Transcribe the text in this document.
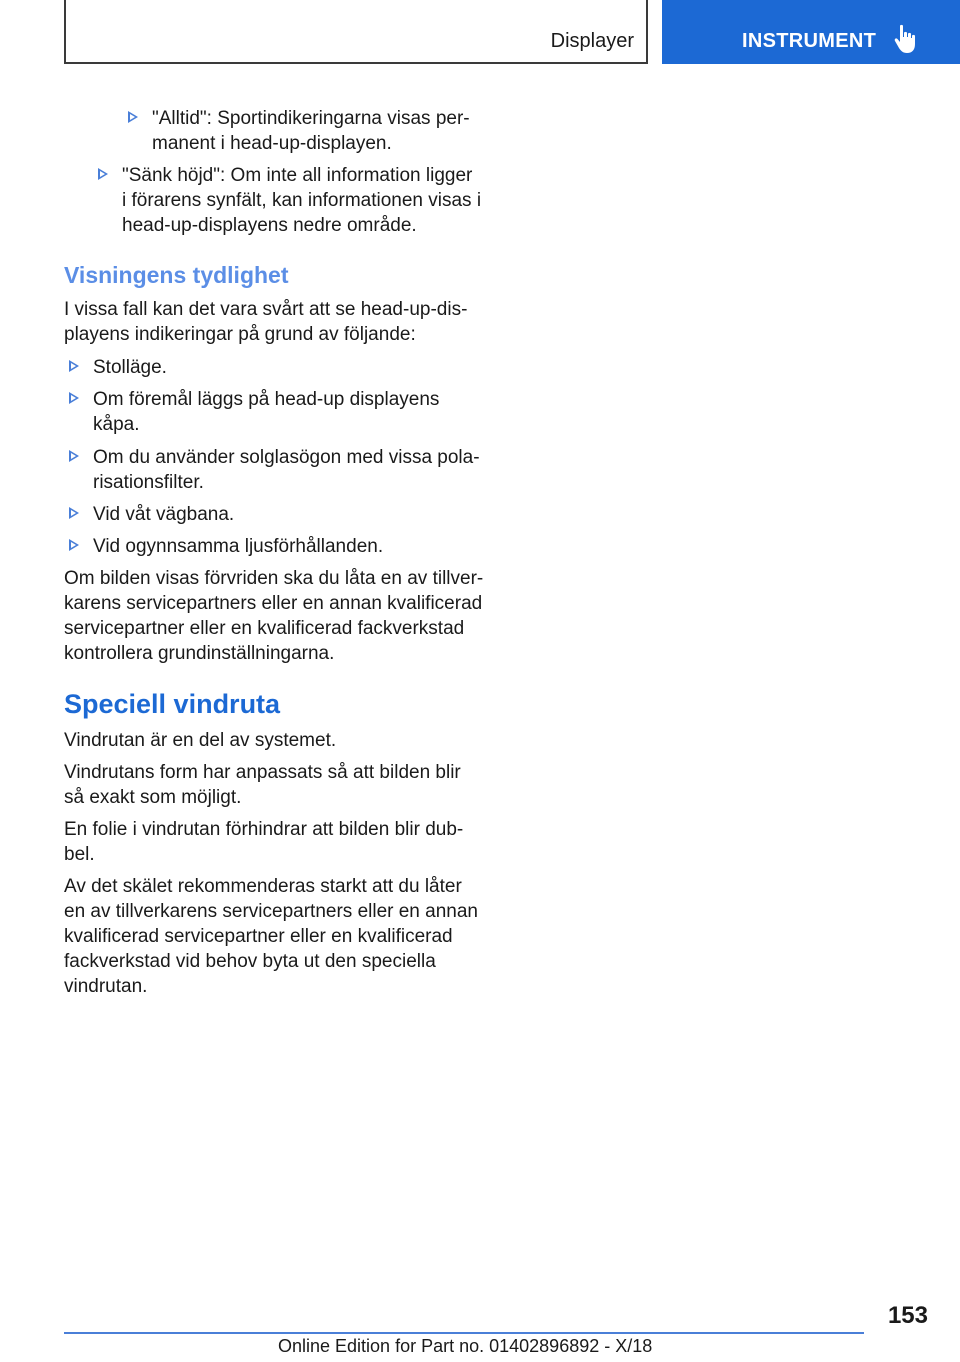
Displayer	INSTRUMENT
"Alltid": Sportindikeringarna visas per-
manent i head-up-displayen.
"Sänk höjd": Om inte all information ligger
i förarens synfält, kan informationen visas i
head-up-displayens nedre område.
Visningens tydlighet
I vissa fall kan det vara svårt att se head-up-dis-
playens indikeringar på grund av följande:
Stolläge.
Om föremål läggs på head-up displayens
kåpa.
Om du använder solglasögon med vissa pola-
risationsfilter.
Vid våt vägbana.
Vid ogynnsamma ljusförhållanden.
Om bilden visas förvriden ska du låta en av tillver-
karens servicepartners eller en annan kvalificerad
servicepartner eller en kvalificerad fackverkstad
kontrollera grundinställningarna.
Speciell vindruta
Vindrutan är en del av systemet.
Vindrutans form har anpassats så att bilden blir
så exakt som möjligt.
En folie i vindrutan förhindrar att bilden blir dub-
bel.
Av det skälet rekommenderas starkt att du låter
en av tillverkarens servicepartners eller en annan
kvalificerad servicepartner eller en kvalificerad
fackverkstad vid behov byta ut den speciella
vindrutan.
153
Online Edition for Part no. 01402896892 - X/18
